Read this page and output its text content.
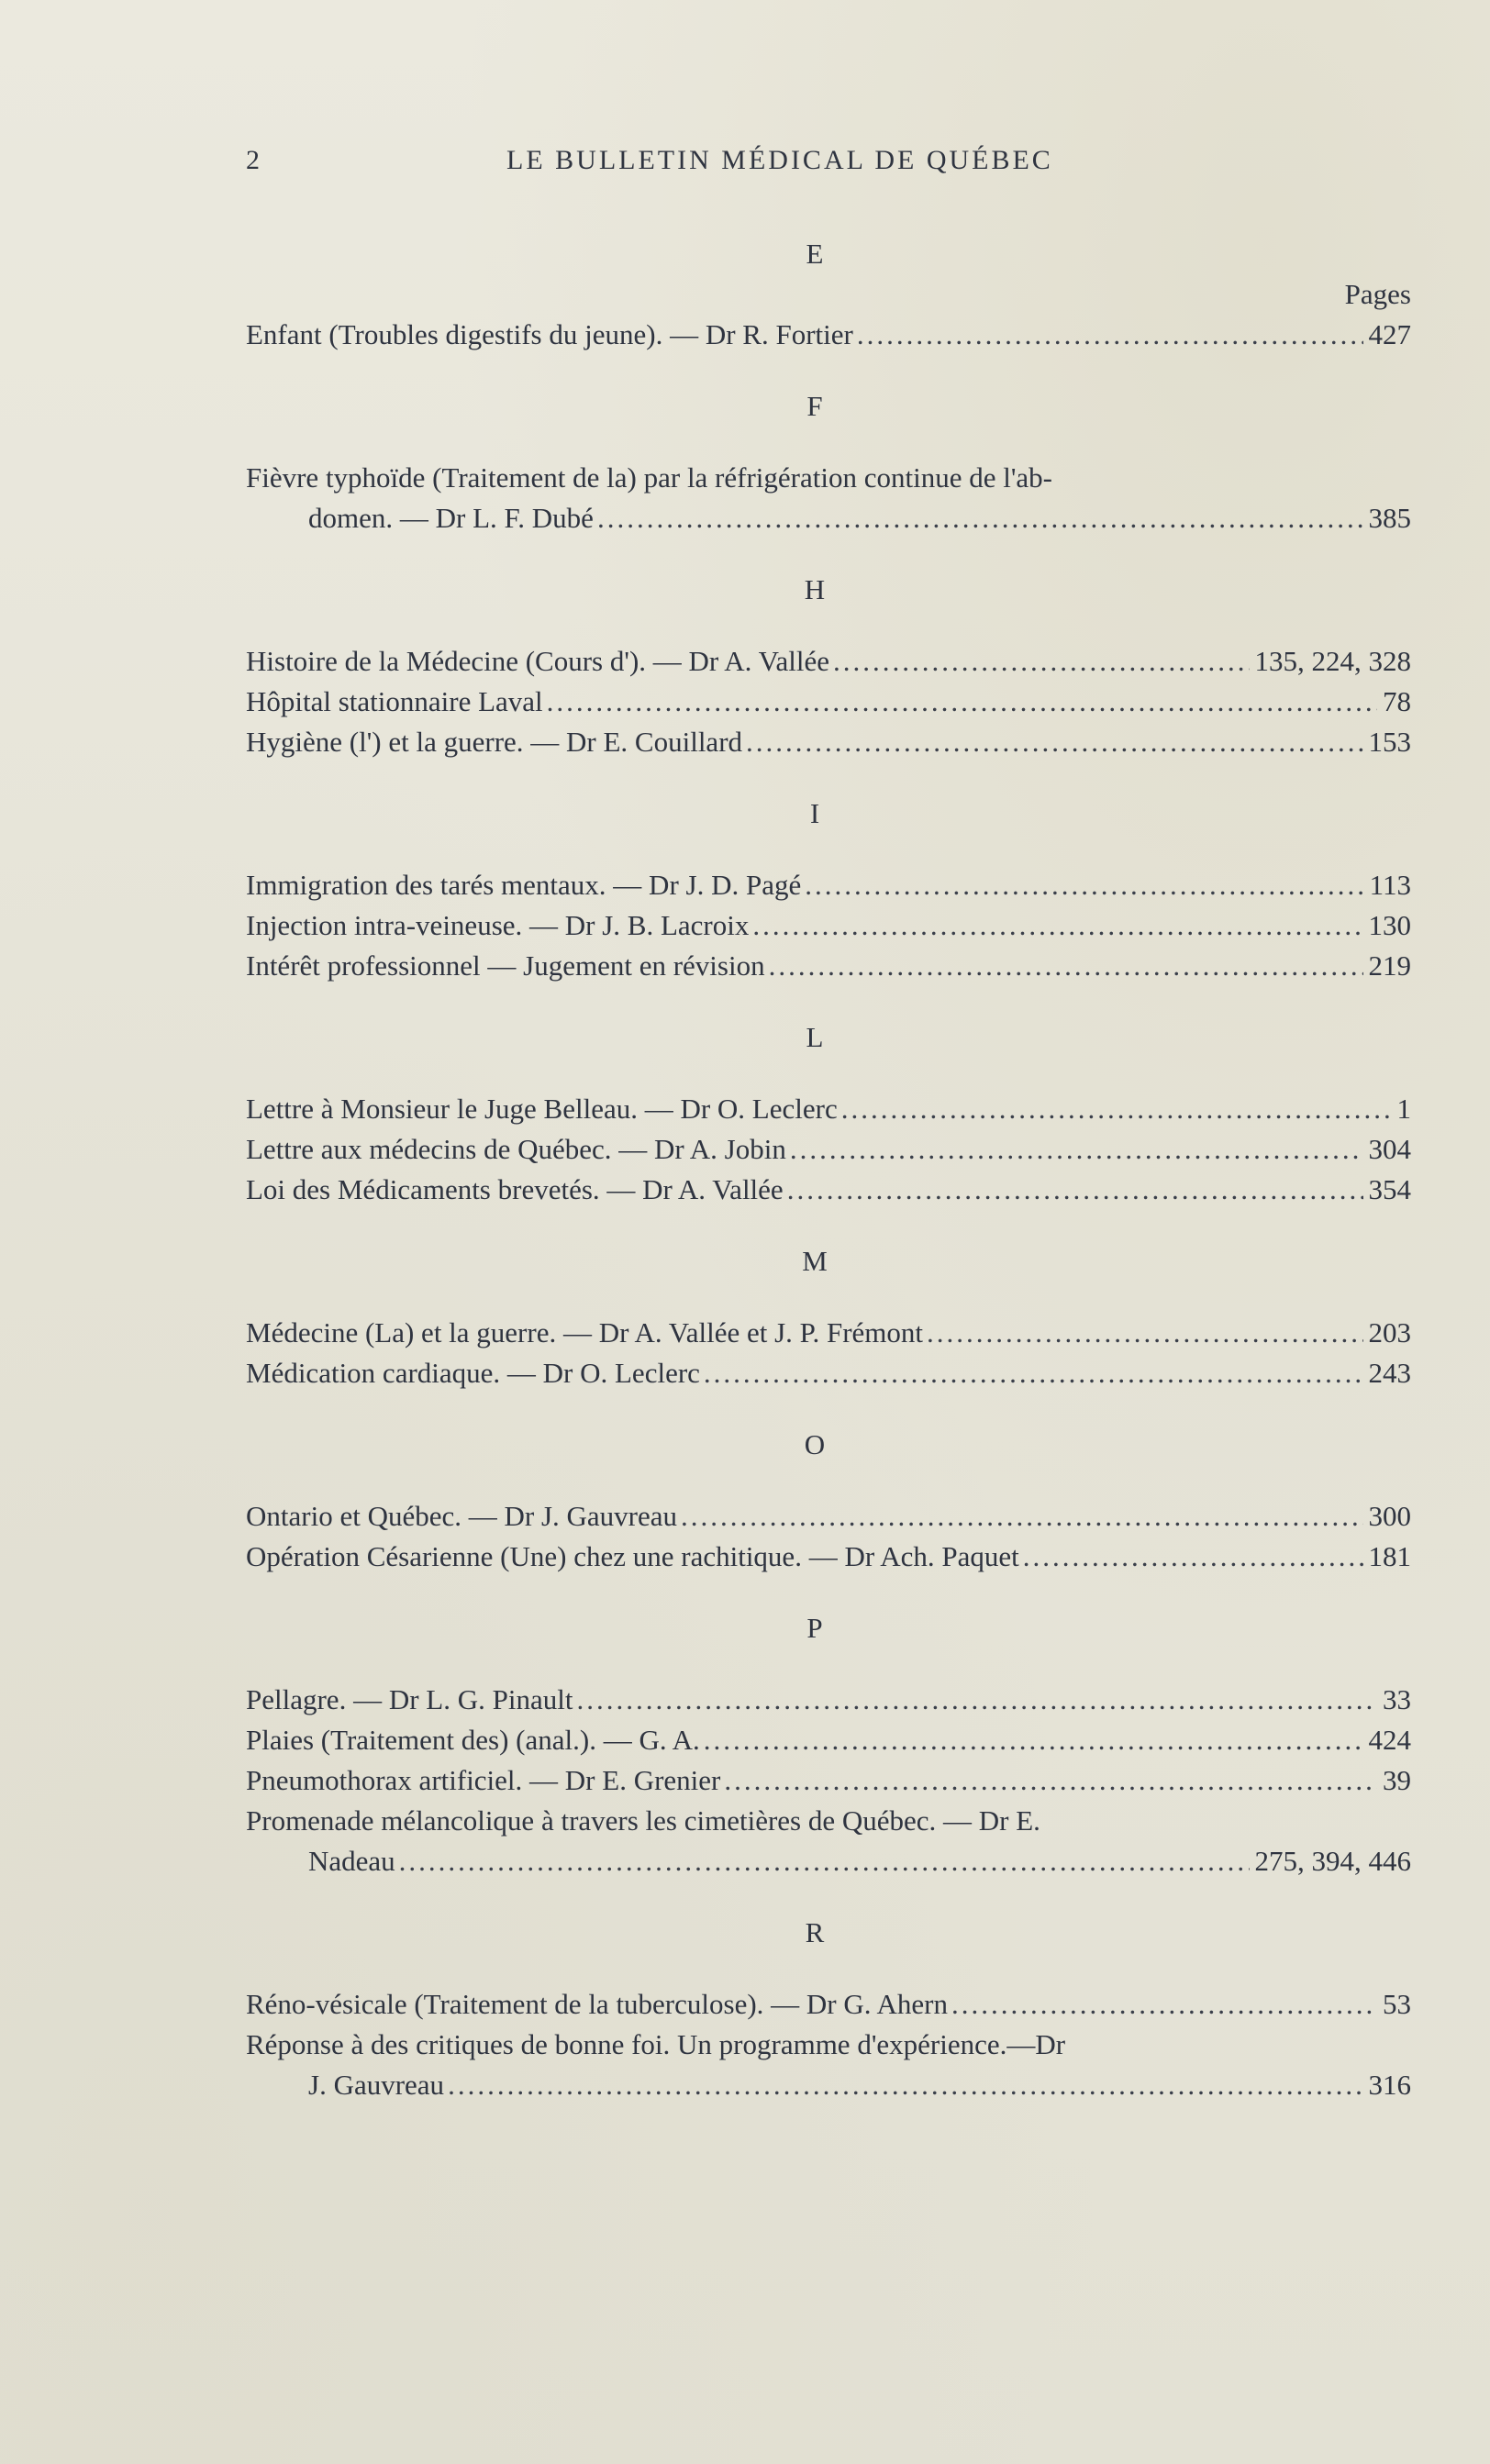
2	LE BULLETIN MÉDICAL DE QUÉBEC
E
Pages
Enfant (Troubles digestifs du jeune). — Dr R. Fortier .....	427
F
Fièvre typhoïde (Traitement de la) par la réfrigération continue de l'ab-
domen. — Dr L. F. Dubé .....	385
H
Histoire de la Médecine (Cours d'). — Dr A. Vallée .....	135, 224, 328
Hôpital stationnaire Laval .....	78
Hygiène (l') et la guerre. — Dr E. Couillard .....	153
I
Immigration des tarés mentaux. — Dr J. D. Pagé .....	113
Injection intra-veineuse. — Dr J. B. Lacroix .....	130
Intérêt professionnel — Jugement en révision .....	219
L
Lettre à Monsieur le Juge Belleau. — Dr O. Leclerc .....	1
Lettre aux médecins de Québec. — Dr A. Jobin .....	304
Loi des Médicaments brevetés. — Dr A. Vallée .....	354
M
Médecine (La) et la guerre. — Dr A. Vallée et J. P. Frémont .....	203
Médication cardiaque. — Dr O. Leclerc .....	243
O
Ontario et Québec. — Dr J. Gauvreau .....	300
Opération Césarienne (Une) chez une rachitique. — Dr Ach. Paquet .....	181
P
Pellagre. — Dr L. G. Pinault .....	33
Plaies (Traitement des) (anal.). — G. A. .....	424
Pneumothorax artificiel. — Dr E. Grenier .....	39
Promenade mélancolique à travers les cimetières de Québec. — Dr E.
Nadeau .....	275, 394, 446
R
Réno-vésicale (Traitement de la tuberculose). — Dr G. Ahern .....	53
Réponse à des critiques de bonne foi. Un programme d'expérience.—Dr
J. Gauvreau .....	316
